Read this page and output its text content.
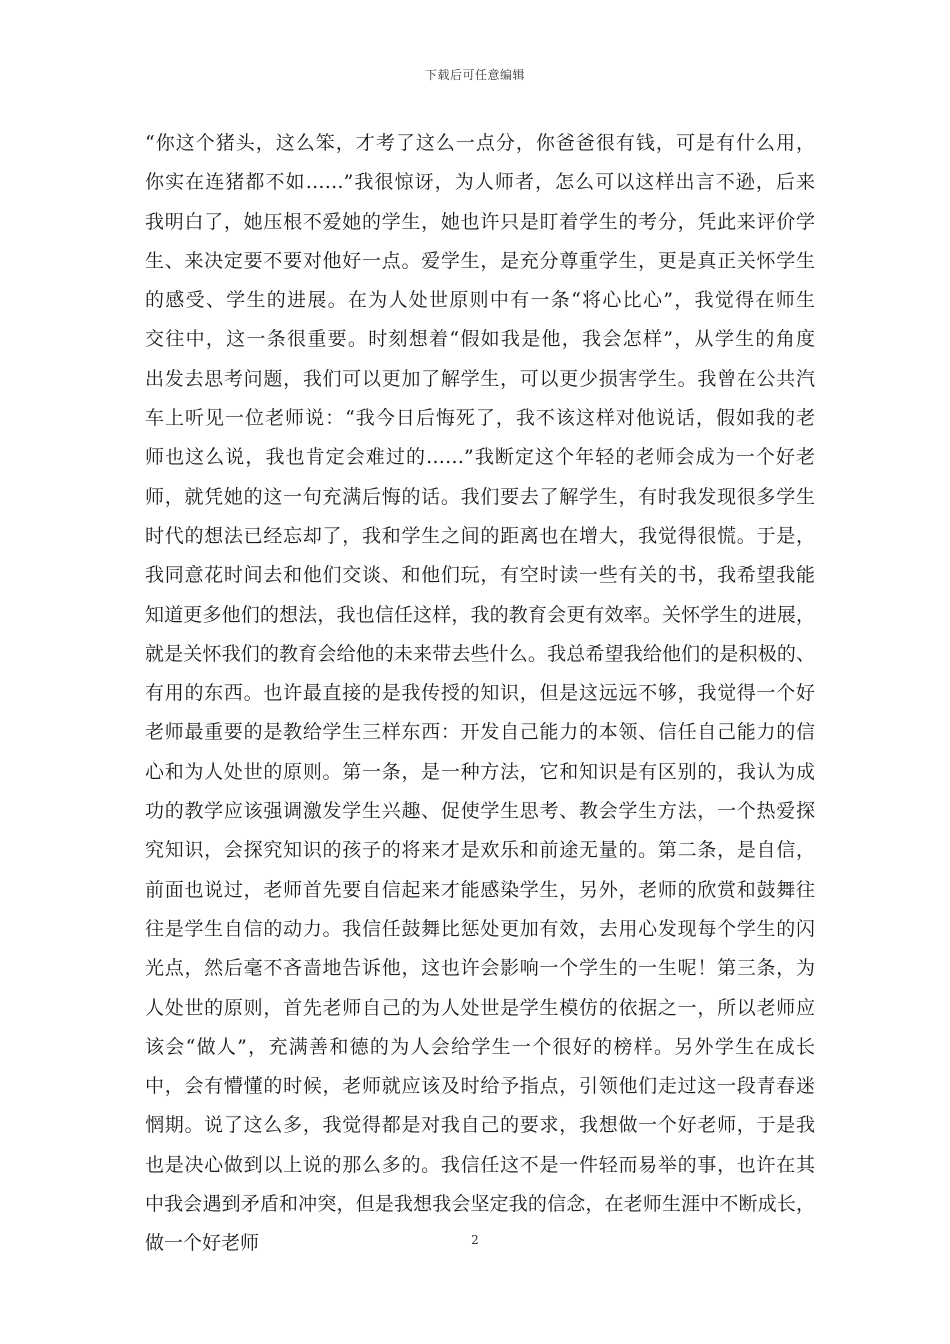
下载后可任意编辑
“你这个猪头，这么笨，才考了这么一点分，你爸爸很有钱，可是有什么用，
你实在连猪都不如……”我很惊讶，为人师者，怎么可以这样出言不逊，后来
我明白了，她压根不爱她的学生，她也许只是盯着学生的考分，凭此来评价学
生、来决定要不要对他好一点。爱学生，是充分尊重学生，更是真正关怀学生
的感受、学生的进展。在为人处世原则中有一条“将心比心”，我觉得在师生
交往中，这一条很重要。时刻想着“假如我是他，我会怎样”，从学生的角度
出发去思考问题，我们可以更加了解学生，可以更少损害学生。我曾在公共汽
车上听见一位老师说：“我今日后悔死了，我不该这样对他说话，假如我的老
师也这么说，我也肯定会难过的……”我断定这个年轻的老师会成为一个好老
师，就凭她的这一句充满后悔的话。我们要去了解学生，有时我发现很多学生
时代的想法已经忘却了，我和学生之间的距离也在增大，我觉得很慌。于是，
我同意花时间去和他们交谈、和他们玩，有空时读一些有关的书，我希望我能
知道更多他们的想法，我也信任这样，我的教育会更有效率。关怀学生的进展，
就是关怀我们的教育会给他的未来带去些什么。我总希望我给他们的是积极的、
有用的东西。也许最直接的是我传授的知识，但是这远远不够，我觉得一个好
老师最重要的是教给学生三样东西：开发自己能力的本领、信任自己能力的信
心和为人处世的原则。第一条，是一种方法，它和知识是有区别的，我认为成
功的教学应该强调激发学生兴趣、促使学生思考、教会学生方法，一个热爱探
究知识，会探究知识的孩子的将来才是欢乐和前途无量的。第二条，是自信，
前面也说过，老师首先要自信起来才能感染学生，另外，老师的欣赏和鼓舞往
往是学生自信的动力。我信任鼓舞比惩处更加有效，去用心发现每个学生的闪
光点，然后毫不吝啬地告诉他，这也许会影响一个学生的一生呢！第三条，为
人处世的原则，首先老师自己的为人处世是学生模仿的依据之一，所以老师应
该会“做人”，充满善和德的为人会给学生一个很好的榜样。另外学生在成长
中，会有懵懂的时候，老师就应该及时给予指点，引领他们走过这一段青春迷
惘期。说了这么多，我觉得都是对我自己的要求，我想做一个好老师，于是我
也是决心做到以上说的那么多的。我信任这不是一件轻而易举的事，也许在其
中我会遇到矛盾和冲突，但是我想我会坚定我的信念，在老师生涯中不断成长，
做一个好老师	2
